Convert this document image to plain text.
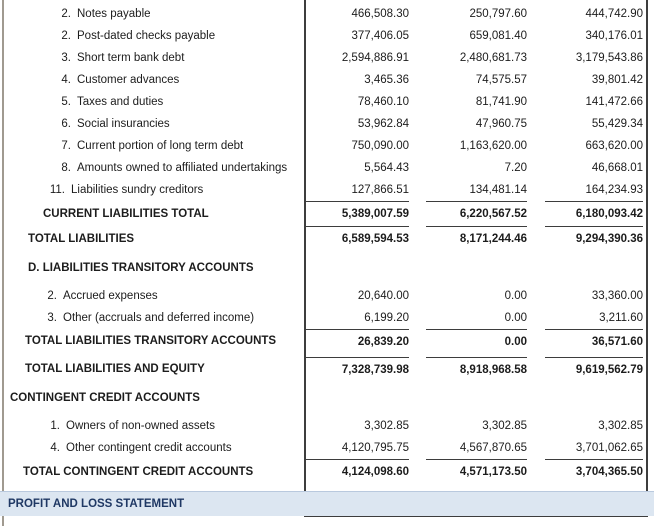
2. Notes payable	466,508.30	250,797.60	444,742.90
2. Post-dated checks payable	377,406.05	659,081.40	340,176.01
3. Short term bank debt	2,594,886.91	2,480,681.73	3,179,543.86
4. Customer advances	3,465.36	74,575.57	39,801.42
5. Taxes and duties	78,460.10	81,741.90	141,472.66
6. Social insurancies	53,962.84	47,960.75	55,429.34
7. Current portion of long term debt	750,090.00	1,163,620.00	663,620.00
8. Amounts owned to affiliated undertakings	5,564.43	7.20	46,668.01
11. Liabilities sundry creditors	127,866.51	134,481.14	164,234.93
CURRENT LIABILITIES TOTAL	5,389,007.59	6,220,567.52	6,180,093.42
TOTAL LIABILITIES	6,589,594.53	8,171,244.46	9,294,390.36
D. LIABILITIES TRANSITORY ACCOUNTS
2. Accrued expenses	20,640.00	0.00	33,360.00
3. Other (accruals and deferred income)	6,199.20	0.00	3,211.60
TOTAL LIABILITIES TRANSITORY ACCOUNTS	26,839.20	0.00	36,571.60
TOTAL LIABILITIES AND EQUITY	7,328,739.98	8,918,968.58	9,619,562.79
CONTINGENT CREDIT ACCOUNTS
1. Owners of non-owned assets	3,302.85	3,302.85	3,302.85
4. Other contingent credit accounts	4,120,795.75	4,567,870.65	3,701,062.65
TOTAL CONTINGENT CREDIT ACCOUNTS	4,124,098.60	4,571,173.50	3,704,365.50
PROFIT AND LOSS STATEMENT
